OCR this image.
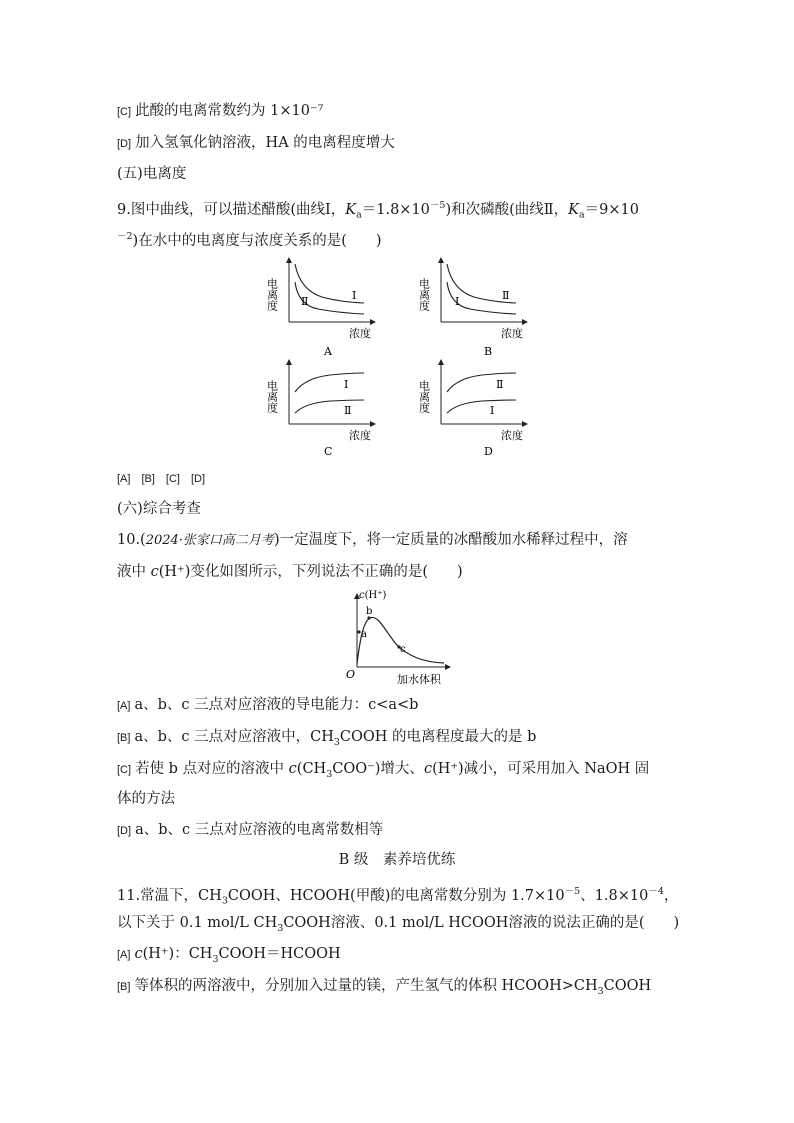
[C] 此酸的电离常数约为 1×10⁻⁷
[D] 加入氢氧化钠溶液，HA 的电离程度增大
(五)电离度
9.图中曲线，可以描述醋酸(曲线Ⅰ，$K_a=1.8\times 10^{-5}$)和次磷酸(曲线Ⅱ，$K_a=9\times 10$
$^{-2}$)在水中的电离度与浓度关系的是(　　)
电离度 Ⅱ	Ⅰ
浓度
A
电离度 Ⅰ	Ⅱ
浓度
B
电离度	Ⅰ
Ⅱ
浓度
C
电离度	Ⅱ
Ⅰ
浓度
D
c(H⁺)
a
b
c
O	加水体积
[A]　[B]　[C]　[D]
(六)综合考查
10.(2024·张家口高二月考)一定温度下，将一定质量的冰醋酸加水稀释过程中，溶
液中 c(H⁺)变化如图所示，下列说法不正确的是(　　)
[A] a、b、c 三点对应溶液的导电能力：c<a<b
[B] a、b、c 三点对应溶液中，$CH_3COOH$ 的电离程度最大的是 b
[C] 若使 b 点对应的溶液中 $c(CH_3COO^-)$增大、c(H⁺)减小，可采用加入 NaOH 固
体的方法
[D] a、b、c 三点对应溶液的电离常数相等
B 级　素养培优练
11.常温下，$CH_3COOH$、HCOOH(甲酸)的电离常数分别为 $1.7\times 10^{-5}$、$1.8\times 10^{-4}$，
以下关于 0.1 mol/L $CH_3COOH$溶液、0.1 mol/L HCOOH溶液的说法正确的是(　　)
[A] c(H⁺)：$CH_3COOH=HCOOH$
[B] 等体积的两溶液中，分别加入过量的镁，产生氢气的体积 $HCOOH>CH_3COOH$
